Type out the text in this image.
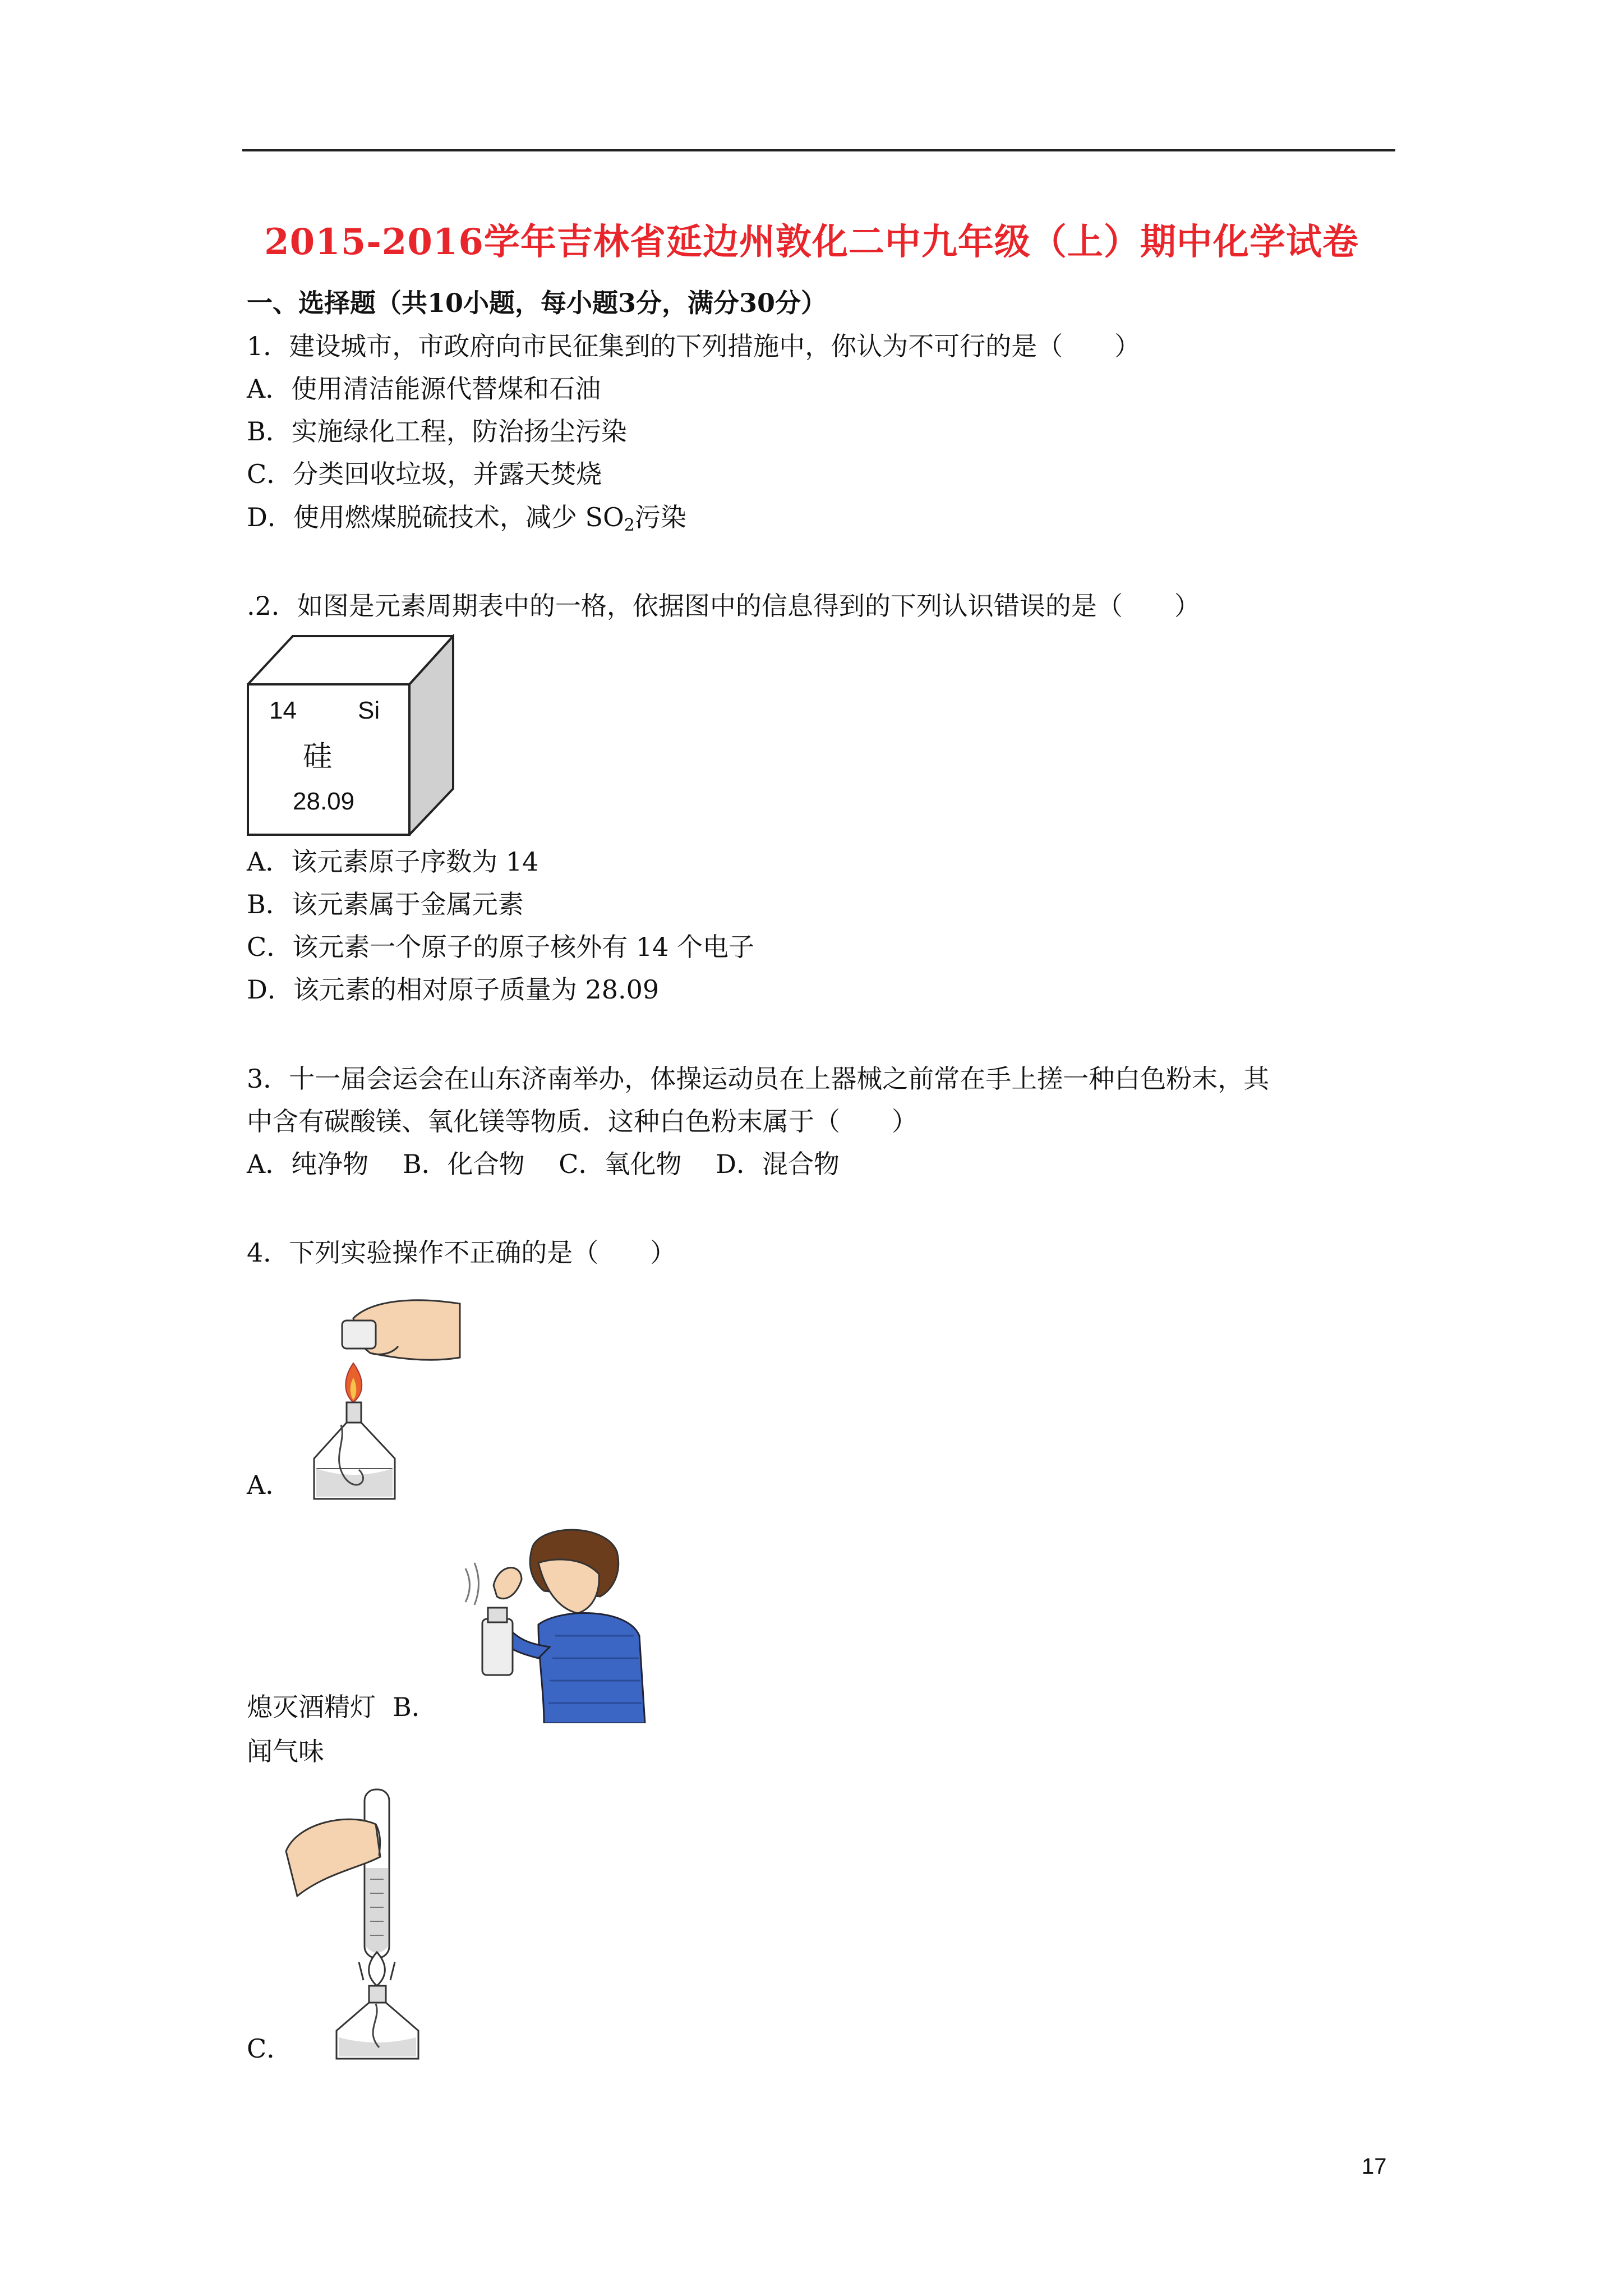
2015-2016学年吉林省延边州敦化二中九年级（上）期中化学试卷
一、选择题（共10小题，每小题3分，满分30分）
1．建设城市，市政府向市民征集到的下列措施中，你认为不可行的是（　　）
A．使用清洁能源代替煤和石油
B．实施绿化工程，防治扬尘污染
C．分类回收垃圾，并露天焚烧
D．使用燃煤脱硫技术，减少 $SO_2$污染
.2．如图是元素周期表中的一格，依据图中的信息得到的下列认识错误的是（　　）
14 Si
硅
28.09
A．该元素原子序数为 14
B．该元素属于金属元素
C．该元素一个原子的原子核外有 14 个电子
D．该元素的相对原子质量为 28.09
3．十一届会运会在山东济南举办，体操运动员在上器械之前常在手上搓一种白色粉末，其
中含有碳酸镁、氧化镁等物质．这种白色粉末属于（　　）
A．纯净物　 B．化合物　 C．氧化物　 D．混合物
4．下列实验操作不正确的是（　　）
A．
熄灭酒精灯 B．
闻气味
C．
17
